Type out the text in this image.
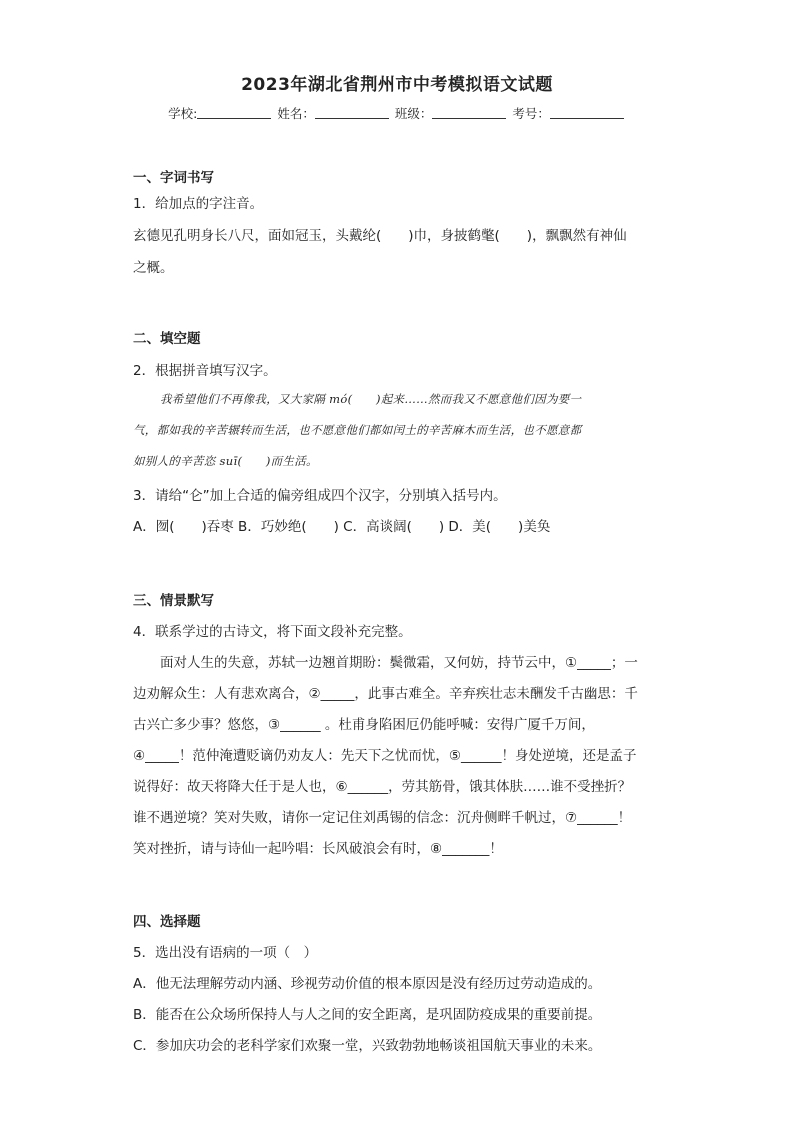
2023年湖北省荆州市中考模拟语文试题
学校:	姓名：	班级：	考号：
一、字词书写
1．给加点的字注音。
玄德见孔明身长八尺，面如冠玉，头戴纶(　　)巾，身披鹤氅(　　)，飘飘然有神仙
之概。
二、填空题
2．根据拼音填写汉字。
我希望他们不再像我，又大家隔 mó(　　)起来……然而我又不愿意他们因为要一
气，都如我的辛苦辗转而生活，也不愿意他们都如闰土的辛苦麻木而生活，也不愿意都
如别人的辛苦恣 suī(　　)而生活。
3．请给“仑”加上合适的偏旁组成四个汉字，分别填入括号内。
A．囫(　　)吞枣 B．巧妙绝(　　) C．高谈阔(　　) D．美(　　)美奂
三、情景默写
4．联系学过的古诗文，将下面文段补充完整。
面对人生的失意，苏轼一边翘首期盼：鬓微霜，又何妨，持节云中，①_____；一
边劝解众生：人有悲欢离合，②_____，此事古难全。辛弃疾壮志未酬发千古幽思：千
古兴亡多少事？悠悠，③______ 。杜甫身陷困厄仍能呼喊：安得广厦千万间，
④_____！范仲淹遭贬谪仍劝友人：先天下之忧而忧，⑤______！身处逆境，还是孟子
说得好：故天将降大任于是人也，⑥______，劳其筋骨，饿其体肤……谁不受挫折？
谁不遇逆境？笑对失败，请你一定记住刘禹锡的信念：沉舟侧畔千帆过，⑦______！
笑对挫折，请与诗仙一起吟唱：长风破浪会有时，⑧_______！
四、选择题
5．选出没有语病的一项（　）
A．他无法理解劳动内涵、珍视劳动价值的根本原因是没有经历过劳动造成的。
B．能否在公众场所保持人与人之间的安全距离，是巩固防疫成果的重要前提。
C．参加庆功会的老科学家们欢聚一堂，兴致勃勃地畅谈祖国航天事业的未来。
